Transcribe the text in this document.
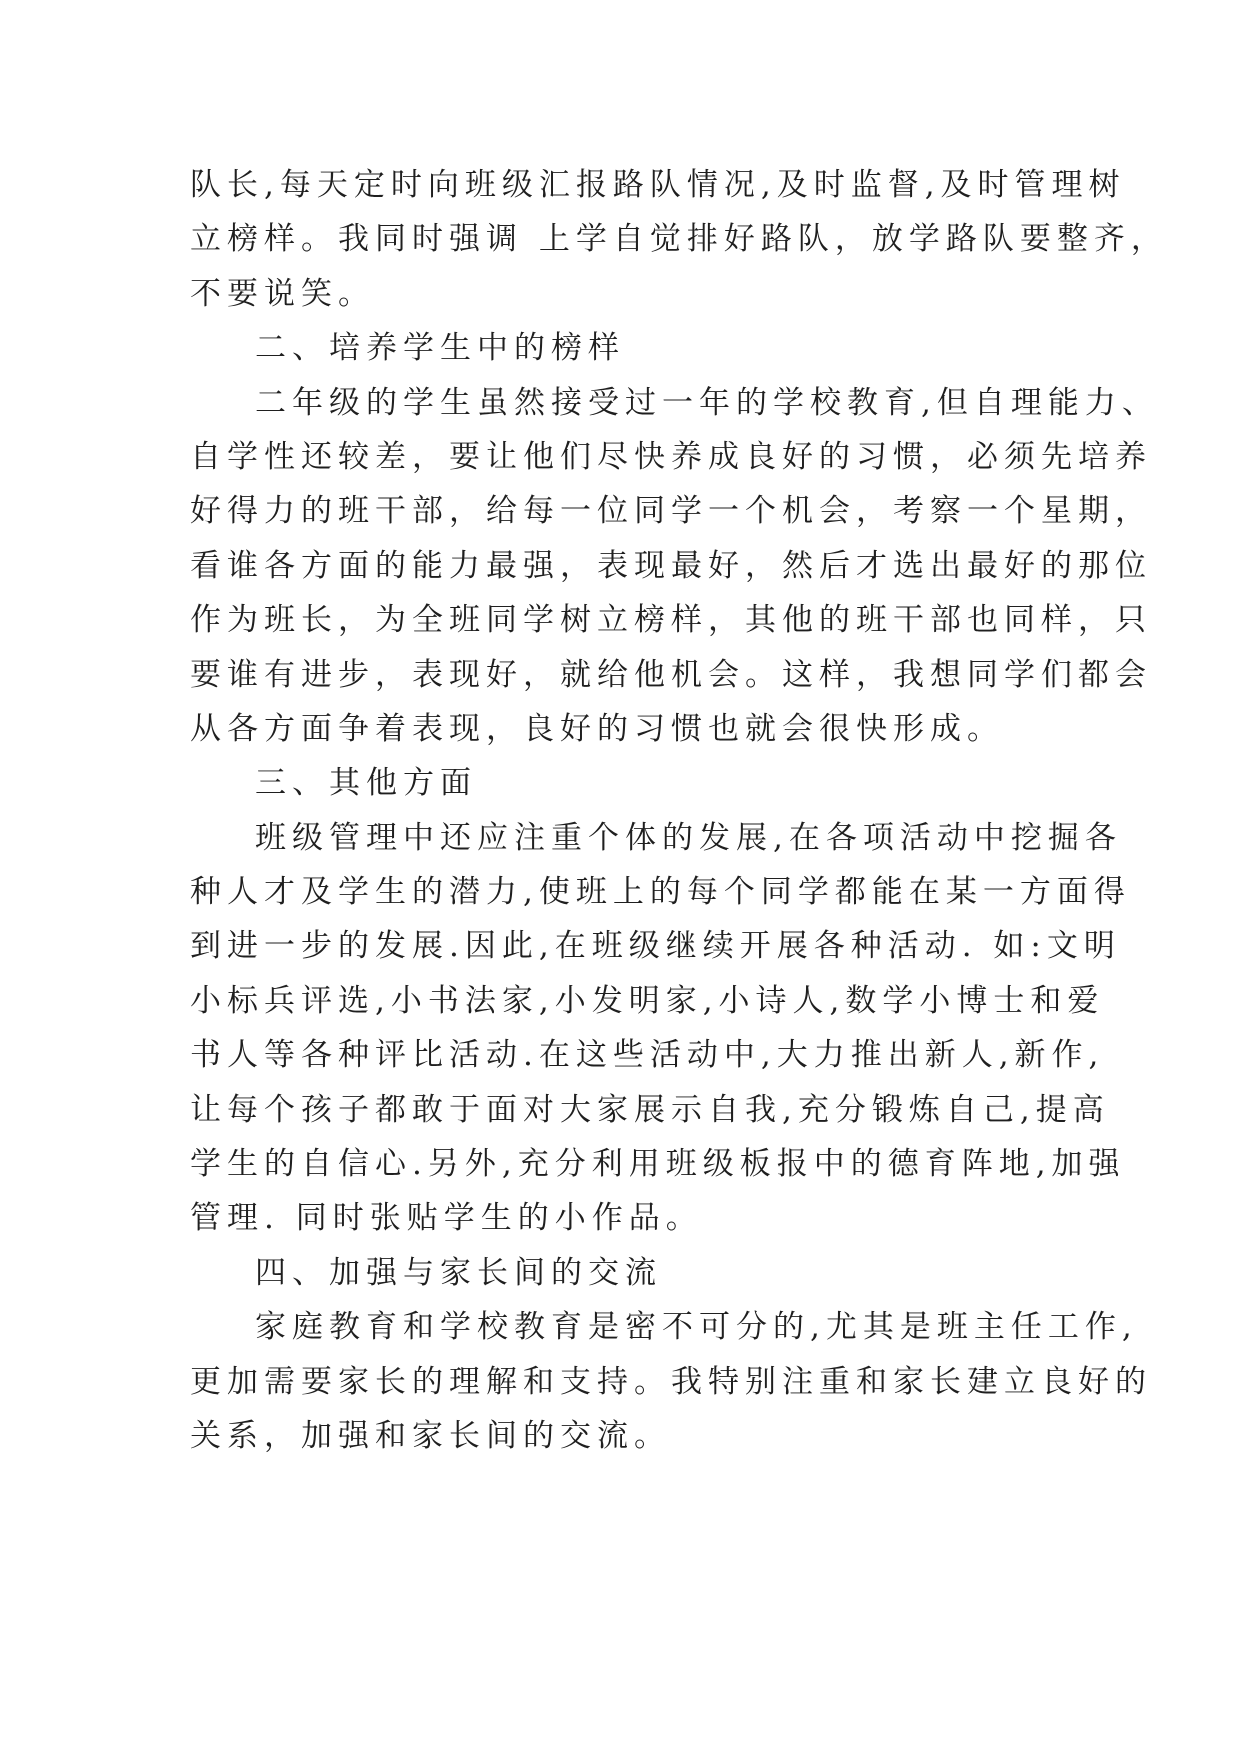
队长,每天定时向班级汇报路队情况,及时监督,及时管理树
立榜样。我同时强调 上学自觉排好路队，放学路队要整齐，
不要说笑。
二、培养学生中的榜样
二年级的学生虽然接受过一年的学校教育,但自理能力、
自学性还较差，要让他们尽快养成良好的习惯，必须先培养
好得力的班干部，给每一位同学一个机会，考察一个星期，
看谁各方面的能力最强，表现最好，然后才选出最好的那位
作为班长，为全班同学树立榜样，其他的班干部也同样，只
要谁有进步，表现好，就给他机会。这样，我想同学们都会
从各方面争着表现，良好的习惯也就会很快形成。
三、其他方面
班级管理中还应注重个体的发展,在各项活动中挖掘各
种人才及学生的潜力,使班上的每个同学都能在某一方面得
到进一步的发展.因此,在班级继续开展各种活动. 如:文明
小标兵评选,小书法家,小发明家,小诗人,数学小博士和爱
书人等各种评比活动.在这些活动中,大力推出新人,新作,
让每个孩子都敢于面对大家展示自我,充分锻炼自己,提高
学生的自信心.另外,充分利用班级板报中的德育阵地,加强
管理. 同时张贴学生的小作品。
四、加强与家长间的交流
家庭教育和学校教育是密不可分的,尤其是班主任工作,
更加需要家长的理解和支持。我特别注重和家长建立良好的
关系，加强和家长间的交流。
